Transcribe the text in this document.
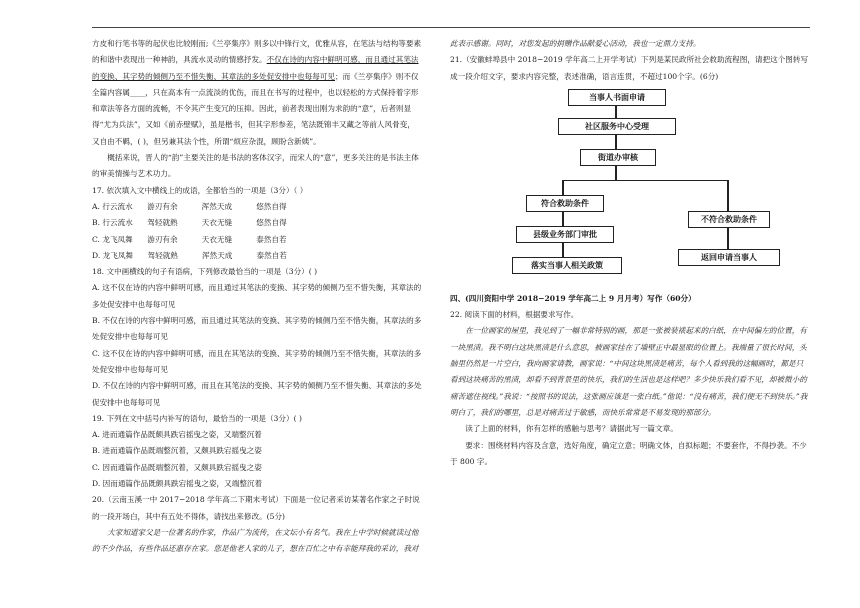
方皮和行笔书等的起伏也比较刚而;《兰亭集序》则多以中锋行文，优雅从容，在笔法与结构等要素的和谐中表现出一种神韵，具流水灵动的情感抒发。不仅在诗的内容中鲜明可感，而且通过其笔法的变换、其字势的倾侧乃至不惜失衡、其章法的多处促安排中也每每可见；而《兰亭集序》则不仅全篇内容属____，只在高本有一点流淡的优伤，而且在书写的过程中，也以轻松的方式保持着字形和章法等各方面的流畅，不令其产生变冗的压抑。因此，前者表现出刚为求韵的“意”，后者则显得“尤为兵法”，又如《前赤壁赋》，虽是楷书，但其字形参差，笔法既锦丰又藏之等前人风骨变，又自由不羁，( )，但另兼其法个性，所谓“烦应杂混，顾盼含新姨”。

概括来说，晋人的“韵”主要关注的是书法的客体汉字，而宋人的“意”，更多关注的是书法主体的审美情操与艺术功力。

17. 依次填入文中横线上的成语，全都恰当的一项是（3分）（ ）

A. 行云流水      游刃有余          浑然天成          悠然自得

B. 行云流水      驾轻就熟          天衣无缝          悠然自得

C. 龙飞凤舞      游刃有余          天衣无缝          泰然自若

D. 龙飞凤舞      驾轻就熟          浑然天成          泰然自若

18. 文中画横线的句子有语病，下列修改最恰当的一项是（3分）( )

A. 这不仅在诗的内容中鲜明可感，而且通过其笔法的变换、其字势的倾侧乃至不惜失衡，其章法的多处促安排中也每每可见

B. 不仅在诗的内容中鲜明可感，而且通过其笔法的变换、其字势的倾侧乃至不惜失衡，其章法的多处促安排中也每每可见

C. 这不仅在诗的内容中鲜明可感，而且在其笔法的变换、其字势的倾侧乃至不惜失衡，其章法的多处促安排中也每每可见

D. 不仅在诗的内容中鲜明可感，而且在其笔法的变换、其字势的倾侧乃至不惜失衡、其章法的多处促安排中也每每可见

19. 下列在文中括号内补写的语句，最恰当的一项是（3分）( )

A. 进而通篇作品既颇具跌宕摇曳之姿，又端整沉着

B. 进而通篇作品既端整沉着，又颇具跌宕摇曳之姿

C. 因而通篇作品既端整沉着，又颇具跌宕摇曳之姿

D. 因而通篇作品既颇具跌宕摇曳之姿，又端整沉着

20.（云南玉溪一中 2017−2018 学年高二下期末考试）下面是一位记者采访某著名作家之子时说的一段开场白，其中有五处不得体，请找出来修改。(5分)

大家知道家父是一位著名的作家，作品广为流传，在文坛小有名气。我在上中学时候就读过他的不少作品，有些作品还惠存在家。您是他老人家的儿子，想在百忙之中有幸能拜我的采访，我对

此表示感谢。同时，对您发起的捐赠作品献爱心活动，我也一定鼎力支持。

21.（安徽蚌埠县中 2018−2019 学年高二上开学考试）下列是某民政所社会救助流程图，请把这个图转写成一段介绍文字，要求内容完整，表述准确，语言连贯，不超过100个字。(6分)

当事人书面申请
社区服务中心受理
街道办审核
符合救助条件
不符合救助条件
县级业务部门审批
返回申请当事人
落实当事人相关政策

四、(四川资阳中学 2018−2019 学年高二上 9 月月考）写作（60分）

22. 阅读下面的材料，根据要求写作。

在一位画家的屋里，我见到了一幅非常特别的画，那是一张被装裱起来的白纸，在中间偏左的位置，有一块黑渍。我不明白这块黑渍是什么意思，被画家挂在了墙壁正中最显眼的位置上。我端量了很长时间，头脑里仍然是一片空白，我向画家请教，画家说：“中间这块黑渍是痛苦，每个人看到我的这幅画时，都是只看到这块痛苦的黑渍，却看不到背景里的快乐，我们的生活也是这样吧？多少快乐我们看不见，却被微小的痛苦遮住视线。”我说：“按照书的说法，这张画应该是一张白纸。”他说：“没有痛苦，我们便无不到快乐。”我明白了，我们的哪里，总是对痛苦过于敏感，而快乐常常是不易发现的那部分。

读了上面的材料，你有怎样的感触与思考？请据此写一篇文章。

要求：围绕材料内容及含意，选好角度，确定立意；明确文体，自拟标题；不要套作，不得抄袭。不少于 800 字。
